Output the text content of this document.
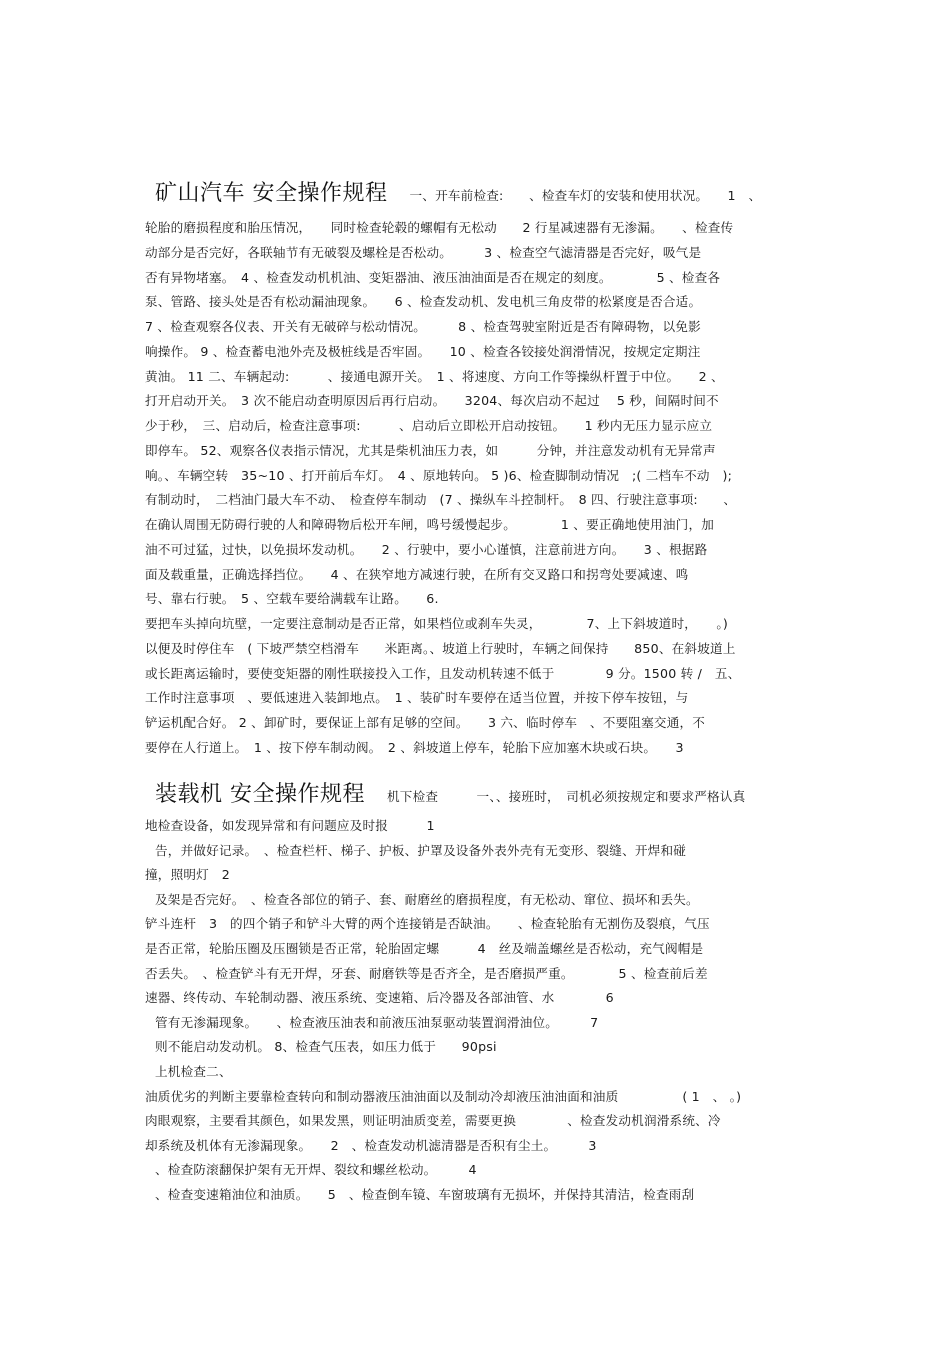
矿山汽车 安全操作规程 一、开车前检查:　　、检查车灯的安装和使用状况。　　1　、
装载机 安全操作规程 机下检查　　　一、、接班时，　司机必须按规定和要求严格认真
轮胎的磨损程度和胎压情况，　　同时检查轮毂的螺帽有无松动　　2 行星减速器有无渗漏。　　、检查传
动部分是否完好，各联轴节有无破裂及螺栓是否松动。　　　3 、检查空气滤清器是否完好，吸气是
否有异物堵塞。　4 、检查发动机机油、变矩器油、液压油油面是否在规定的刻度。　　　　5 、检查各
泵、管路、接头处是否有松动漏油现象。　　6 、检查发动机、发电机三角皮带的松紧度是否合适。
7 、检查观察各仪表、开关有无破碎与松动情况。　　　8 、检查驾驶室附近是否有障碍物，以免影
响操作。 9 、检查蓄电池外壳及极桩线是否牢固。　　10 、检查各铰接处润滑情况，按规定定期注
黄油。 11 二、车辆起动:　　　、接通电源开关。　1 、将速度、方向工作等操纵杆置于中位。　　2 、
打开启动开关。　3 次不能启动查明原因后再行启动。　　3204、每次启动不起过　 5 秒，间隔时间不
少于秒，　三、启动后，检查注意事项:　　　、启动后立即松开启动按钮。　　1 秒内无压力显示应立
即停车。 52、观察各仪表指示情况，尤其是柴机油压力表，如　　　分钟，并注意发动机有无异常声
响。、车辆空转　35~10 、打开前后车灯。　4 、原地转向。 5 )6、检查脚制动情况　;( 二档车不动　);
有制动时，　二档油门最大车不动、　检查停车制动　(7 、操纵车斗控制杆。　8 四、行驶注意事项:　　、
在确认周围无防碍行驶的人和障碍物后松开车闸，鸣号缓慢起步。　　　　1 、要正确地使用油门，加
油不可过猛，过快，以免损坏发动机。　　2 、行驶中，要小心谨慎，注意前进方向。　　3 、根据路
面及载重量，正确选择挡位。　　4 、在狭窄地方减速行驶，在所有交叉路口和拐弯处要减速、鸣
号、靠右行驶。　5 、空载车要给满载车让路。　　6.
要把车头掉向坑壁，一定要注意制动是否正常，如果档位或刹车失灵，　　　　7、上下斜坡道时，　　。)
以便及时停住车　( 下坡严禁空档滑车　　米距离。、坡道上行驶时，车辆之间保持　　850、在斜坡道上
或长距离运输时，要使变矩器的刚性联接投入工作，且发动机转速不低于　　　　9 分。1500 转 /　五、
工作时注意事项　、要低速进入装卸地点。　1 、装矿时车要停在适当位置，并按下停车按钮，与
铲运机配合好。 2 、卸矿时，要保证上部有足够的空间。　　3 六、临时停车　、不要阻塞交通，不
要停在人行道上。　1 、按下停车制动阀。　2 、斜坡道上停车，轮胎下应加塞木块或石块。　　3
地检查设备，如发现异常和有问题应及时报　　　1
告，并做好记录。　、检查栏杆、梯子、护板、护罩及设备外表外壳有无变形、裂缝、开焊和碰
撞，照明灯　2
及架是否完好。　、检查各部位的销子、套、耐磨丝的磨损程度，有无松动、窜位、损坏和丢失。
铲斗连杆　3　的四个销子和铲斗大臂的两个连接销是否缺油。　　、检查轮胎有无割伤及裂痕，气压
是否正常，轮胎压圈及压圈锁是否正常，轮胎固定螺　　　4　丝及端盖螺丝是否松动，充气阀帽是
否丢失。　、检查铲斗有无开焊，牙套、耐磨铁等是否齐全，是否磨损严重。　　　　5 、检查前后差
速器、终传动、车轮制动器、液压系统、变速箱、后冷器及各部油管、水　　　　6
管有无渗漏现象。　　、检查液压油表和前液压油泵驱动装置润滑油位。　　　7
则不能启动发动机。 8、检查气压表，如压力低于　　90psi
上机检查二、
油质优劣的判断主要靠检查转向和制动器液压油油面以及制动冷却液压油油面和油质　　　　　( 1　、 。)
肉眼观察，主要看其颜色，如果发黑，则证明油质变差，需要更换　　　　、检查发动机润滑系统、冷
却系统及机体有无渗漏现象。　　2　、检查发动机滤清器是否积有尘土。　　　3
、检查防滚翻保护架有无开焊、裂纹和螺丝松动。　　　4
、检查变速箱油位和油质。　　5　、检查倒车镜、车窗玻璃有无损坏，并保持其清洁，检查雨刮
